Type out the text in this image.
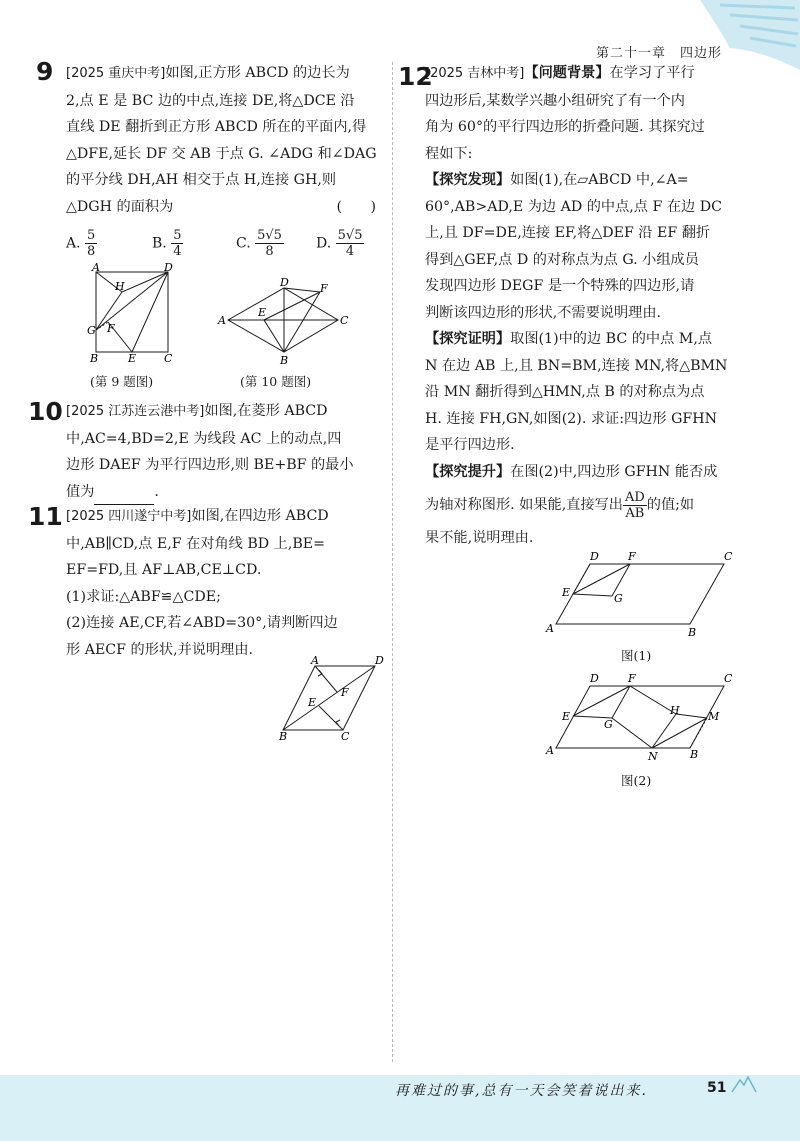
第二十一章　四边形
9 [2025 重庆中考]如图,正方形 ABCD 的边长为

2,点 E 是 BC 边的中点,连接 DE,将△DCE 沿

直线 DE 翻折到正方形 ABCD 所在的平面内,得

△DFE,延长 DF 交 AB 于点 G. ∠ADG 和∠DAG

的平分线 DH,AH 相交于点 H,连接 GH,则

△DGH 的面积为	(　　)

A. $\frac{5}{8}$	B. $\frac{5}{4}$	C. $\frac{5√5}{8} D$. $\frac{5√5}{4}$
A	D
H
G F
B	E	C
(第 9 题图)
A
D	F
E
C
B
(第 10 题图)
10 [2025 江苏连云港中考]如图,在菱形 ABCD

中,AC=4,BD=2,E 为线段 AC 上的动点,四

边形 DAEF 为平行四边形,则 BE+BF 的最小

值为	.

11 [2025 四川遂宁中考]如图,在四边形 ABCD

中,AB∥CD,点 E,F 在对角线 BD 上,BE=

EF=FD,且 AF⊥AB,CE⊥CD.

(1)求证:△ABF≌△CDE;

(2)连接 AE,CF,若∠ABD=30°,请判断四边

形 AECF 的形状,并说明理由.

A	D
E
F
B	C
12

[2025 吉林中考]【问题背景】在学习了平行

四边形后,某数学兴趣小组研究了有一个内

角为 60°的平行四边形的折叠问题. 其探究过

程如下:

【探究发现】如图(1),在▱ABCD 中,∠A=

60°,AB>AD,E 为边 AD 的中点,点 F 在边 DC

上,且 DF=DE,连接 EF,将△DEF 沿 EF 翻折

得到△GEF,点 D 的对称点为点 G. 小组成员

发现四边形 DEGF 是一个特殊的四边形,请

判断该四边形的形状,不需要说明理由.

【探究证明】取图(1)中的边 BC 的中点 M,点

N 在边 AB 上,且 BN=BM,连接 MN,将△BMN

沿 MN 翻折得到△HMN,点 B 的对称点为点

H. 连接 FH,GN,如图(2). 求证:四边形 GFHN

是平行四边形.

【探究提升】在图(2)中,四边形 GFHN 能否成

为轴对称图形. 如果能,直接写出 $\frac{AD}{AB}$ 的值;如

果不能,说明理由.

D	F	C
E	G
A	B
图(1)
D	F	C
E
G
H	M
N	B
A
图(2)
再难过的事,总有一天会笑着说出来.	51
